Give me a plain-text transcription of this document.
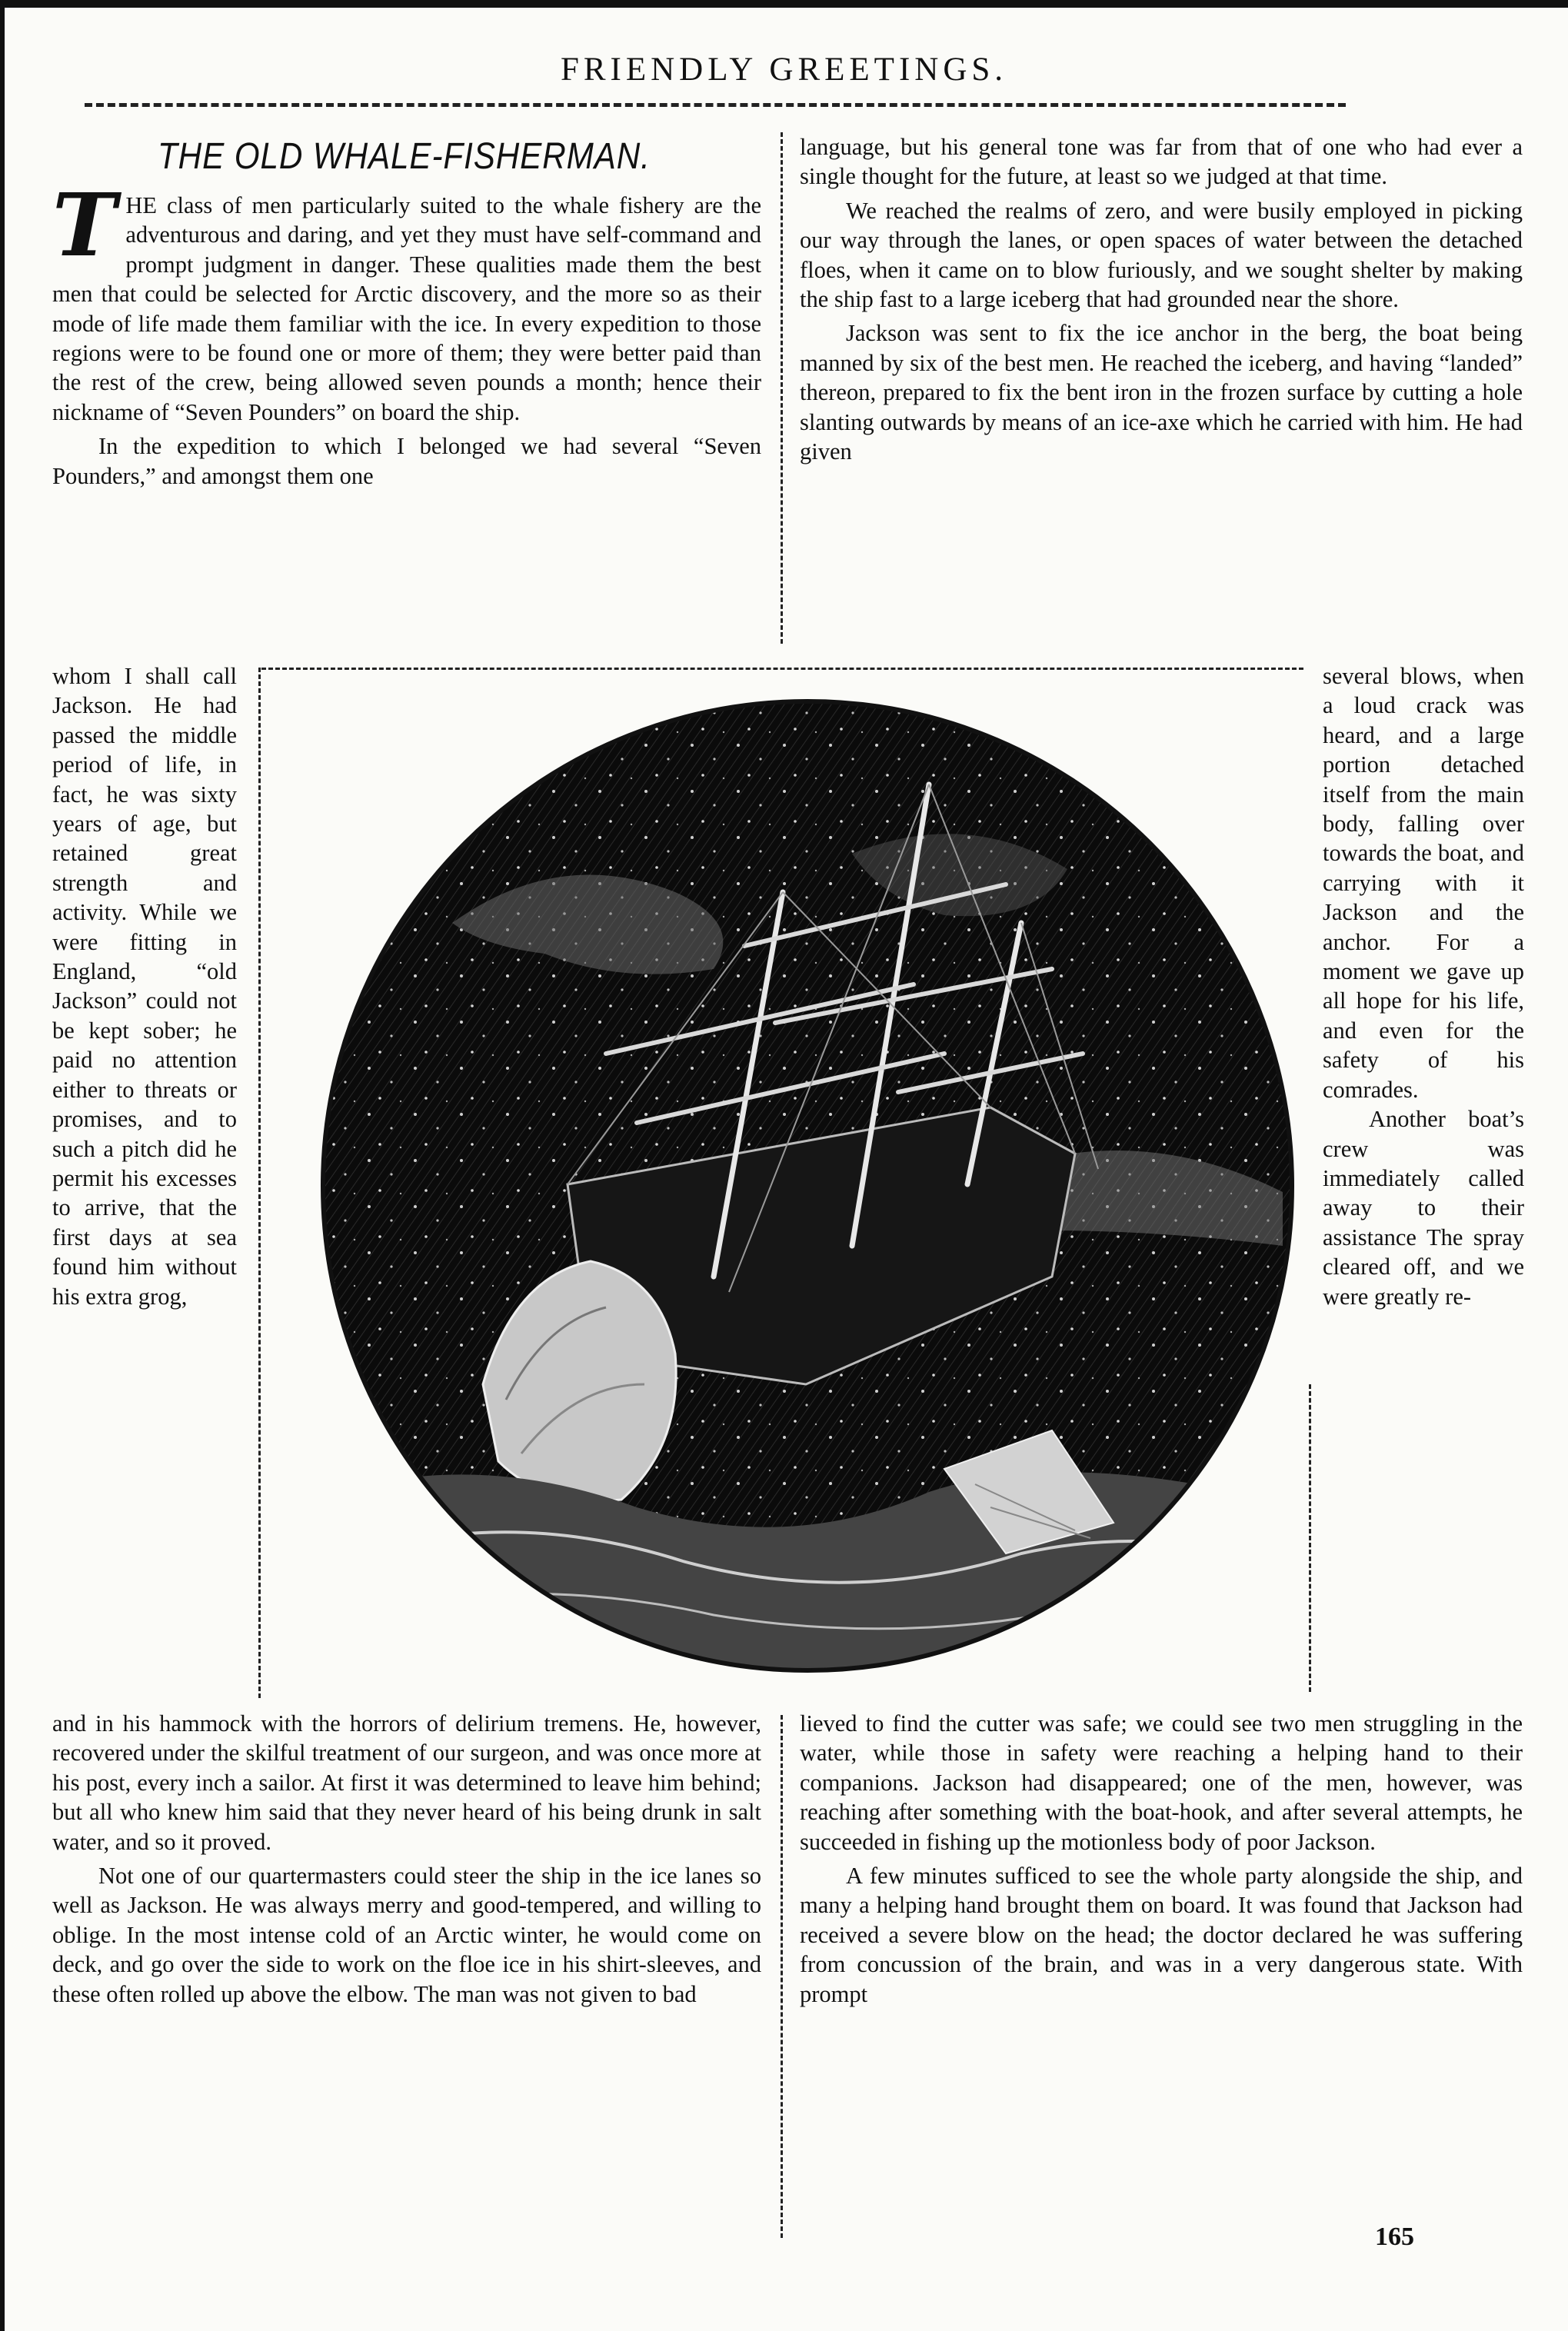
FRIENDLY GREETINGS.
THE OLD WHALE-FISHERMAN.

THE class of men particularly suited to the whale fishery are the adventurous and daring, and yet they must have self-command and prompt judgment in danger. These qualities made them the best men that could be selected for Arctic discovery, and the more so as their mode of life made them familiar with the ice. In every expedition to those regions were to be found one or more of them; they were better paid than the rest of the crew, being allowed seven pounds a month; hence their nickname of “Seven Pounders” on board the ship.

In the expedition to which I belonged we had several “Seven Pounders,” and amongst them one

whom I shall call Jackson. He had passed the middle period of life, in fact, he was sixty years of age, but retained great strength and activity. While we were fitting in England, “old Jackson” could not be kept sober; he paid no attention either to threats or promises, and to such a pitch did he permit his excesses to arrive, that the first days at sea found him without his extra grog,

and in his hammock with the horrors of delirium tremens. He, however, recovered under the skilful treatment of our surgeon, and was once more at his post, every inch a sailor. At first it was determined to leave him behind; but all who knew him said that they never heard of his being drunk in salt water, and so it proved.

Not one of our quartermasters could steer the ship in the ice lanes so well as Jackson. He was always merry and good-tempered, and willing to oblige. In the most intense cold of an Arctic winter, he would come on deck, and go over the side to work on the floe ice in his shirt-sleeves, and these often rolled up above the elbow. The man was not given to bad

language, but his general tone was far from that of one who had ever a single thought for the future, at least so we judged at that time.

We reached the realms of zero, and were busily employed in picking our way through the lanes, or open spaces of water between the detached floes, when it came on to blow furiously, and we sought shelter by making the ship fast to a large iceberg that had grounded near the shore.

Jackson was sent to fix the ice anchor in the berg, the boat being manned by six of the best men. He reached the iceberg, and having “landed” thereon, prepared to fix the bent iron in the frozen surface by cutting a hole slanting outwards by means of an ice-axe which he carried with him. He had given

several blows, when a loud crack was heard, and a large portion detached itself from the main body, falling over towards the boat, and carrying with it Jackson and the anchor. For a moment we gave up all hope for his life, and even for the safety of his comrades.

Another boat’s crew was immediately called away to their assistance The spray cleared off, and we were greatly re-

lieved to find the cutter was safe; we could see two men struggling in the water, while those in safety were reaching a helping hand to their companions. Jackson had disappeared; one of the men, however, was reaching after something with the boat-hook, and after several attempts, he succeeded in fishing up the motionless body of poor Jackson.

A few minutes sufficed to see the whole party alongside the ship, and many a helping hand brought them on board. It was found that Jackson had received a severe blow on the head; the doctor declared he was suffering from concussion of the brain, and was in a very dangerous state. With prompt

165
